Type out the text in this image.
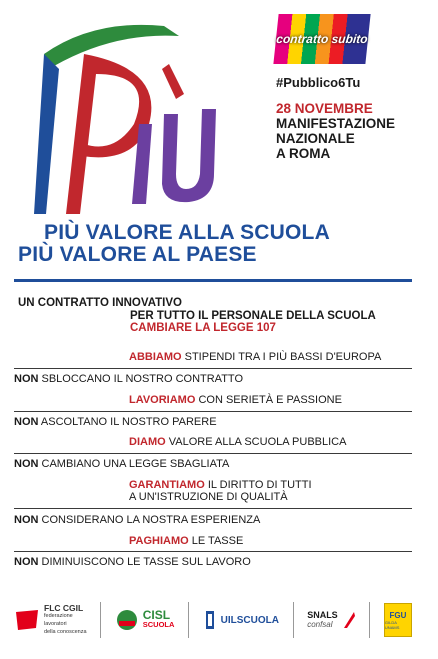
contratto subito
#Pubblico6Tu
28 NOVEMBRE
MANIFESTAZIONE
NAZIONALE
A ROMA
PIÙ VALORE ALLA SCUOLA
PIÙ VALORE AL PAESE
UN CONTRATTO INNOVATIVO
PER TUTTO IL PERSONALE DELLA SCUOLA
CAMBIARE LA LEGGE 107
ABBIAMO STIPENDI TRA I PIÙ BASSI D'EUROPA
NON SBLOCCANO IL NOSTRO CONTRATTO
LAVORIAMO CON SERIETÀ E PASSIONE
NON ASCOLTANO IL NOSTRO PARERE
DIAMO VALORE ALLA SCUOLA PUBBLICA
NON CAMBIANO UNA LEGGE SBAGLIATA
GARANTIAMO IL DIRITTO DI TUTTI
A UN'ISTRUZIONE DI QUALITÀ
NON CONSIDERANO LA NOSTRA ESPERIENZA
PAGHIAMO LE TASSE
NON DIMINUISCONO LE TASSE SUL LAVORO
FLC CGIL
federazione
lavoratori
della conoscenza
CISL
SCUOLA	UILSCUOLA	SNALS
confsal
FGU
GILDA UNAMS
